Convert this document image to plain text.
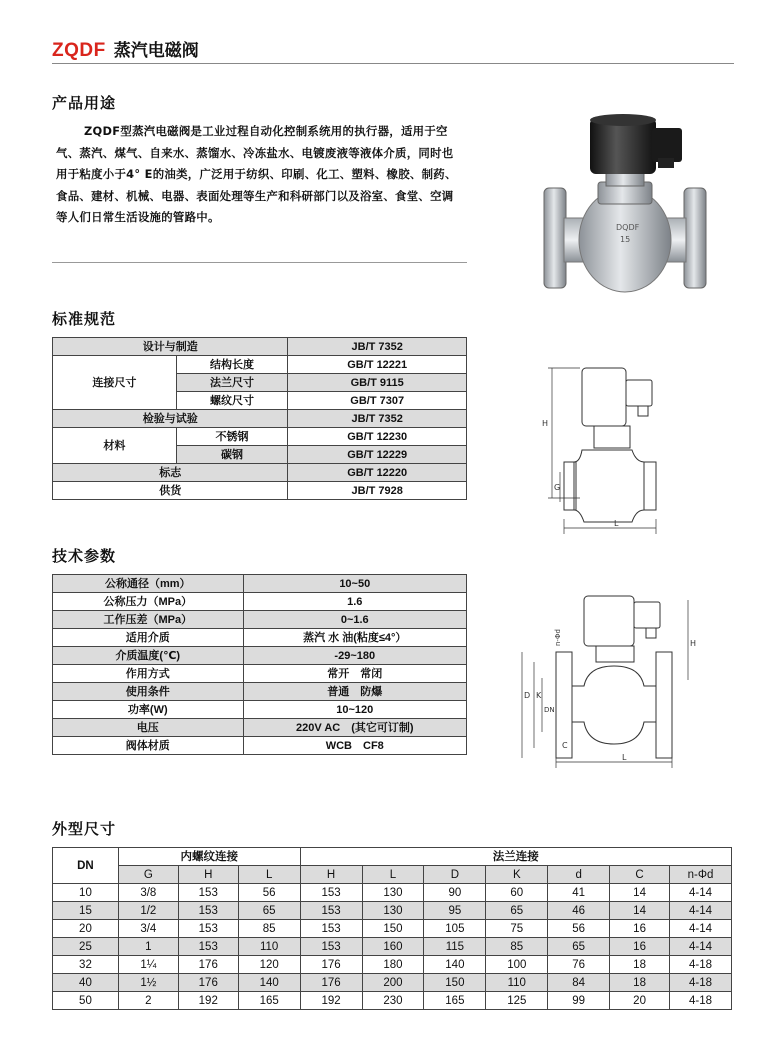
ZQDF 蒸汽电磁阀
产品用途
ZQDF型蒸汽电磁阀是工业过程自动化控制系统用的执行器，适用于空气、蒸汽、煤气、自来水、蒸馏水、冷冻盐水、电镀废液等液体介质，同时也用于粘度小于4° E的油类，广泛用于纺织、印刷、化工、塑料、橡胶、制药、食品、建材、机械、电器、表面处理等生产和科研部门以及浴室、食堂、空调等人们日常生活设施的管路中。
DQDF
15
标准规范
设计与制造		JB/T 7352
连接尺寸	结构长度	GB/T 12221
	法兰尺寸	GB/T 9115
	螺纹尺寸	GB/T 7307
检验与试验		JB/T 7352
材料	不锈钢	GB/T 12230
	碳钢	GB/T 12229
标志		GB/T 12220
供货		JB/T 7928
H
G
L
技术参数
公称通径（mm）	10~50
公称压力（MPa）	1.6
工作压差（MPa）	0~1.6
适用介质	蒸汽 水 油(粘度≤4°）
介质温度(℃)	-29~180
作用方式	常开　常闭
使用条件	普通　防爆
功率(W)	10~120
电压	220V AC　(其它可订制)
阀体材质	WCB　CF8
n-Φd	H
D K
DN
C
L
外型尺寸
DN	内螺纹连接			法兰连接						
	G	H	L	H	L	D	K	d	C	n-Φd
10	3/8	153	56	153	130	90	60	41	14	4-14
15	1/2	153	65	153	130	95	65	46	14	4-14
20	3/4	153	85	153	150	105	75	56	16	4-14
25	1	153	110	153	160	115	85	65	16	4-14
32	1¼	176	120	176	180	140	100	76	18	4-18
40	1½	176	140	176	200	150	110	84	18	4-18
50	2	192	165	192	230	165	125	99	20	4-18
